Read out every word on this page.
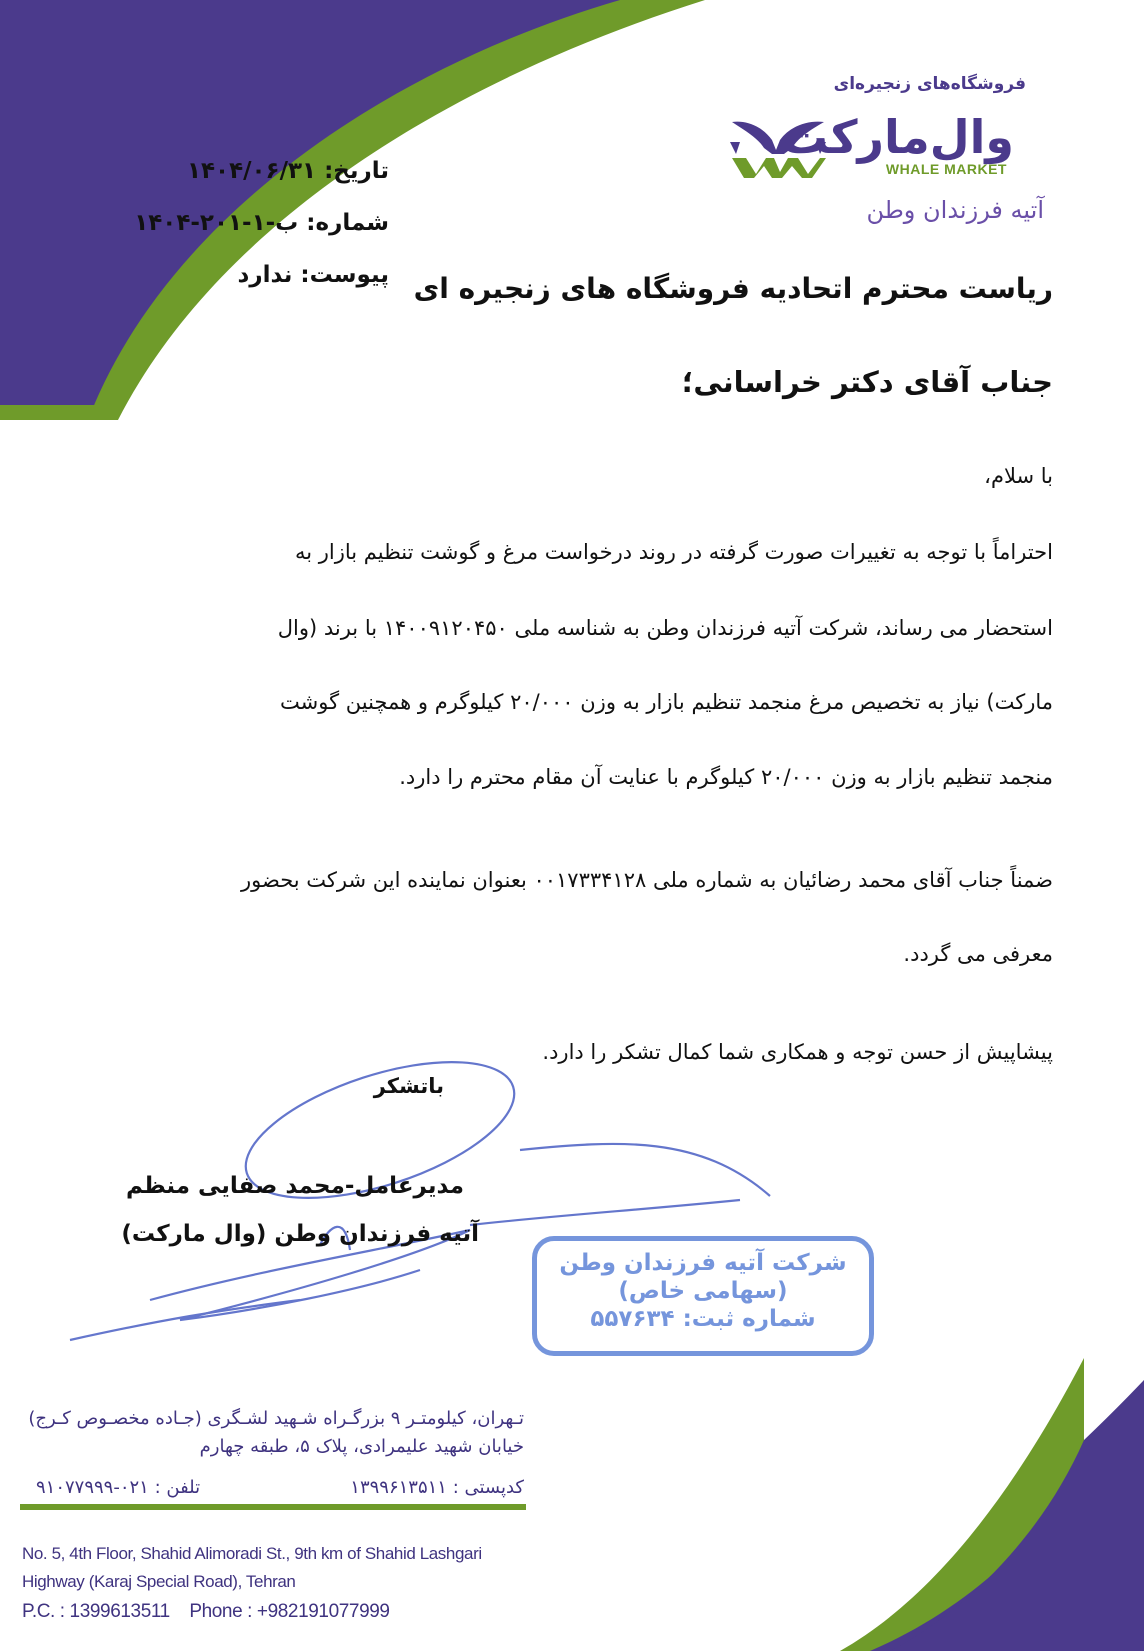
فروشگاه‌های زنجیره‌ای
وال‌مارکت
WHALE MARKET
آتیه فرزندان وطن
تاریخ: ۱۴۰۴/۰۶/۳۱
شماره: ب-۱-۲۰۱-۱۴۰۴
پیوست: ندارد ریاست محترم اتحادیه فروشگاه های زنجیره ای
جناب آقای دکتر خراسانی؛
با سلام،
احتراماً با توجه به تغییرات صورت گرفته در روند درخواست مرغ و گوشت تنظیم بازار به
استحضار می رساند، شرکت آتیه فرزندان وطن به شناسه ملی ۱۴۰۰۹۱۲۰۴۵۰ با برند (وال
مارکت) نیاز به تخصیص مرغ منجمد تنظیم بازار به وزن ۲۰/۰۰۰ کیلوگرم و همچنین گوشت
منجمد تنظیم بازار به وزن ۲۰/۰۰۰ کیلوگرم با عنایت آن مقام محترم را دارد.
ضمناً جناب آقای محمد رضائیان به شماره ملی ۰۰۱۷۳۳۴۱۲۸ بعنوان نماینده این شرکت بحضور
معرفی می گردد.
پیشاپیش از حسن توجه و همکاری شما کمال تشکر را دارد.
باتشکر
مدیرعامل-محمد صفایی منظم
آتیه فرزندان وطن (وال مارکت)
شرکت آتیه فرزندان وطن
(سهامی خاص)
شماره ثبت: ۵۵۷۶۳۴
تـهران، کیلومتـر ۹ بزرگـراه شـهید لشـگری (جـاده مخصـوص کـرج)
خیابان شهید علیمرادی، پلاک ۵، طبقه چهارم
کدپستی : ۱۳۹۹۶۱۳۵۱۱
تلفن : ۰۲۱-۹۱۰۷۷۹۹۹
No. 5, 4th Floor, Shahid Alimoradi St., 9th km of Shahid Lashgari
Highway (Karaj Special Road), Tehran
P.C. : 1399613511    Phone : +982191077999
